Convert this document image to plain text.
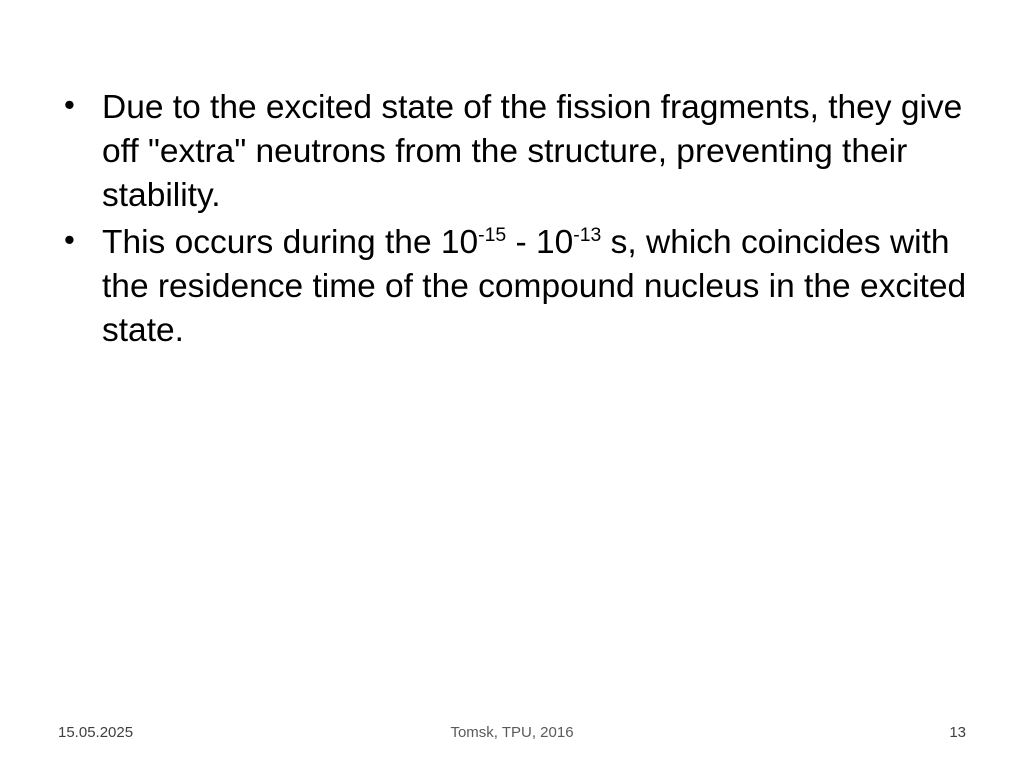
• Due to the excited state of the fission fragments, they give off "extra" neutrons from the structure, preventing their stability.
• This occurs during the $10^{-15} - 10^{-13}$ s, which coincides with the residence time of the compound nucleus in the excited state.
15.05.2025	Tomsk, TPU, 2016	13
